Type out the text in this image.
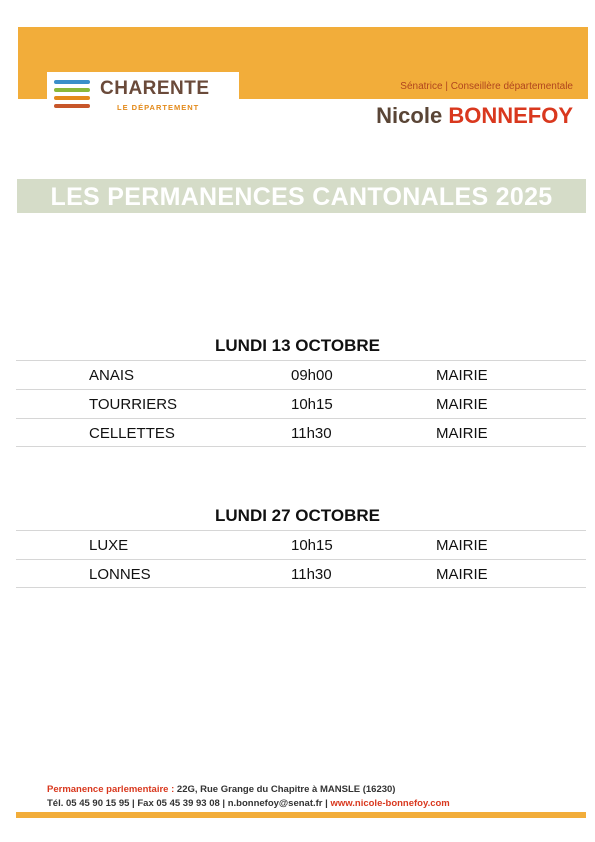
CHARENTE
LE DÉPARTEMENT
Sénatrice | Conseillère départementale
Nicole BONNEFOY
LES PERMANENCES CANTONALES 2025
LUNDI 13 OCTOBRE
ANAIS	09h00	MAIRIE
TOURRIERS	10h15	MAIRIE
CELLETTES	11h30	MAIRIE
LUNDI 27 OCTOBRE
LUXE	10h15	MAIRIE
LONNES	11h30	MAIRIE
Permanence parlementaire : 22G, Rue Grange du Chapitre à MANSLE (16230)
Tél. 05 45 90 15 95 | Fax 05 45 39 93 08 | n.bonnefoy@senat.fr | www.nicole-bonnefoy.com
